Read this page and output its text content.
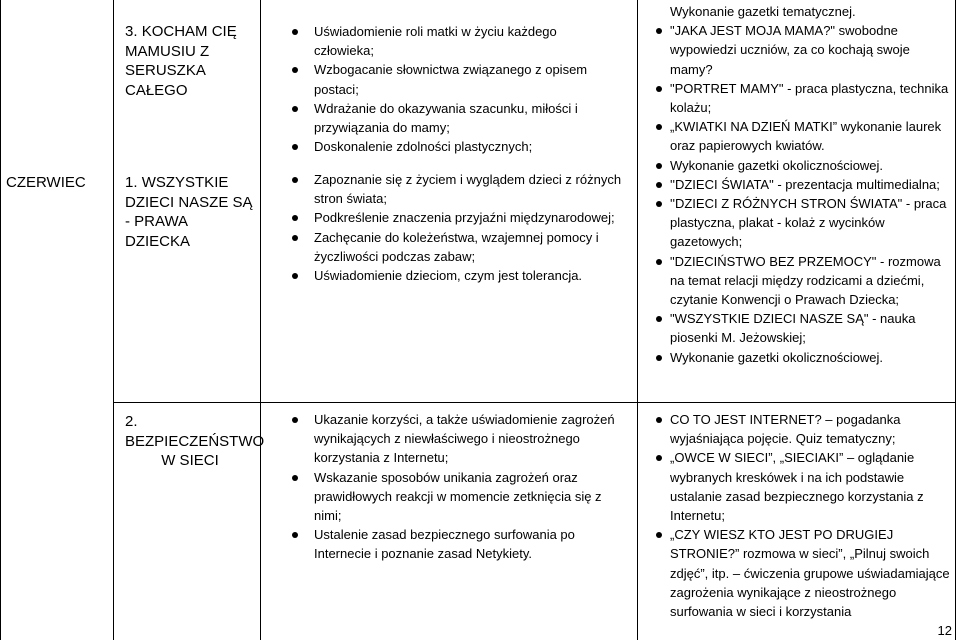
CZERWIEC
3. KOCHAM CIĘ MAMUSIU Z SERUSZKA CAŁEGO
1. WSZYSTKIE DZIECI NASZE SĄ - PRAWA DZIECKA
Uświadomienie roli matki w życiu każdego człowieka;
Wzbogacanie słownictwa związanego z opisem postaci;
Wdrażanie do okazywania szacunku, miłości i przywiązania do mamy;
Doskonalenie zdolności plastycznych;
Zapoznanie się z życiem i wyglądem dzieci z różnych stron świata;
Podkreślenie znaczenia przyjaźni międzynarodowej;
Zachęcanie do koleżeństwa, wzajemnej pomocy i życzliwości podczas zabaw;
Uświadomienie dzieciom, czym jest tolerancja.
Wykonanie gazetki tematycznej.
"JAKA JEST MOJA MAMA?" swobodne wypowiedzi uczniów, za co kochają swoje mamy?
"PORTRET MAMY" - praca plastyczna, technika kolażu;
„KWIATKI NA DZIEŃ MATKI” wykonanie laurek oraz papierowych kwiatów.
Wykonanie gazetki okolicznościowej.
''DZIECI ŚWIATA" - prezentacja multimedialna;
''DZIECI Z RÓŻNYCH STRON ŚWIATA" - praca plastyczna, plakat - kolaż z wycinków gazetowych;
"DZIECIŃSTWO BEZ PRZEMOCY" - rozmowa na temat relacji między rodzicami a dziećmi, czytanie Konwencji o Prawach Dziecka;
"WSZYSTKIE DZIECI NASZE SĄ" - nauka piosenki M. Jeżowskiej;
Wykonanie gazetki okolicznościowej.
2.
BEZPIECZEŃSTWO W SIECI
Ukazanie korzyści, a także uświadomienie zagrożeń wynikających z niewłaściwego i nieostrożnego korzystania z Internetu;
Wskazanie sposobów unikania zagrożeń oraz prawidłowych reakcji w momencie zetknięcia się z nimi;
Ustalenie zasad bezpiecznego surfowania po Internecie i poznanie zasad Netykiety.
CO TO JEST INTERNET? – pogadanka wyjaśniająca pojęcie. Quiz tematyczny;
„OWCE W SIECI”, „SIECIAKI” – oglądanie wybranych kreskówek i na ich podstawie ustalanie zasad bezpiecznego korzystania z Internetu;
„CZY WIESZ KTO JEST PO DRUGIEJ STRONIE?” rozmowa w sieci”, „Pilnuj swoich zdjęć”, itp. – ćwiczenia grupowe uświadamiające zagrożenia wynikające z nieostrożnego surfowania w sieci i korzystania
12
